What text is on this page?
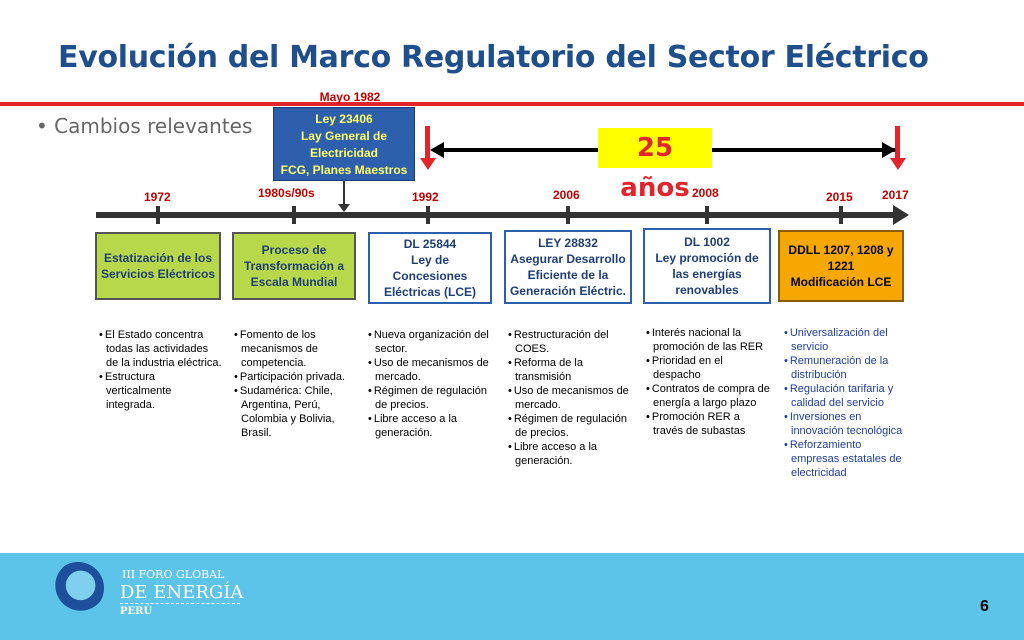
Evolución del Marco Regulatorio del Sector Eléctrico
• Cambios relevantes
Mayo 1982
Ley 23406
Lay General de
Electricidad
FCG, Planes Maestros
25 años
1972	1980s/90s	1992	2006	2008	2015 2017
Estatización de los
Servicios Eléctricos
Proceso de
Transformación a
Escala Mundial
DL 25844
Ley de
Concesiones
Eléctricas (LCE)
LEY 28832
Asegurar Desarrollo
Eficiente de la
Generación Eléctric.
DL 1002
Ley promoción de
las energías
renovables
DDLL 1207, 1208 y
1221
Modificación LCE
• El Estado concentra todas las actividades de la industria eléctrica.
• Estructura verticalmente integrada.
• Fomento de los mecanismos de competencia.
• Participación privada.
• Sudamérica: Chile, Argentina, Perú, Colombia y Bolivia, Brasil.
• Nueva organización del sector.
• Uso de mecanismos de mercado.
• Régimen de regulación de precios.
• Libre acceso a la generación.
• Restructuración del COES.
• Reforma de la transmisión
• Uso de mecanismos de mercado.
• Régimen de regulación de precios.
• Libre acceso a la generación.
• Interés nacional la promoción de las RER
• Prioridad en el despacho
• Contratos de compra de energía a largo plazo
• Promoción RER a través de subastas
• Universalización del servicio
• Remuneración de la distribución
• Regulación tarifaria y calidad del servicio
• Inversiones en innovación tecnológica
• Reforzamiento empresas estatales de electricidad
III FORO GLOBAL
DE ENERGÍA
PERÚ	6
